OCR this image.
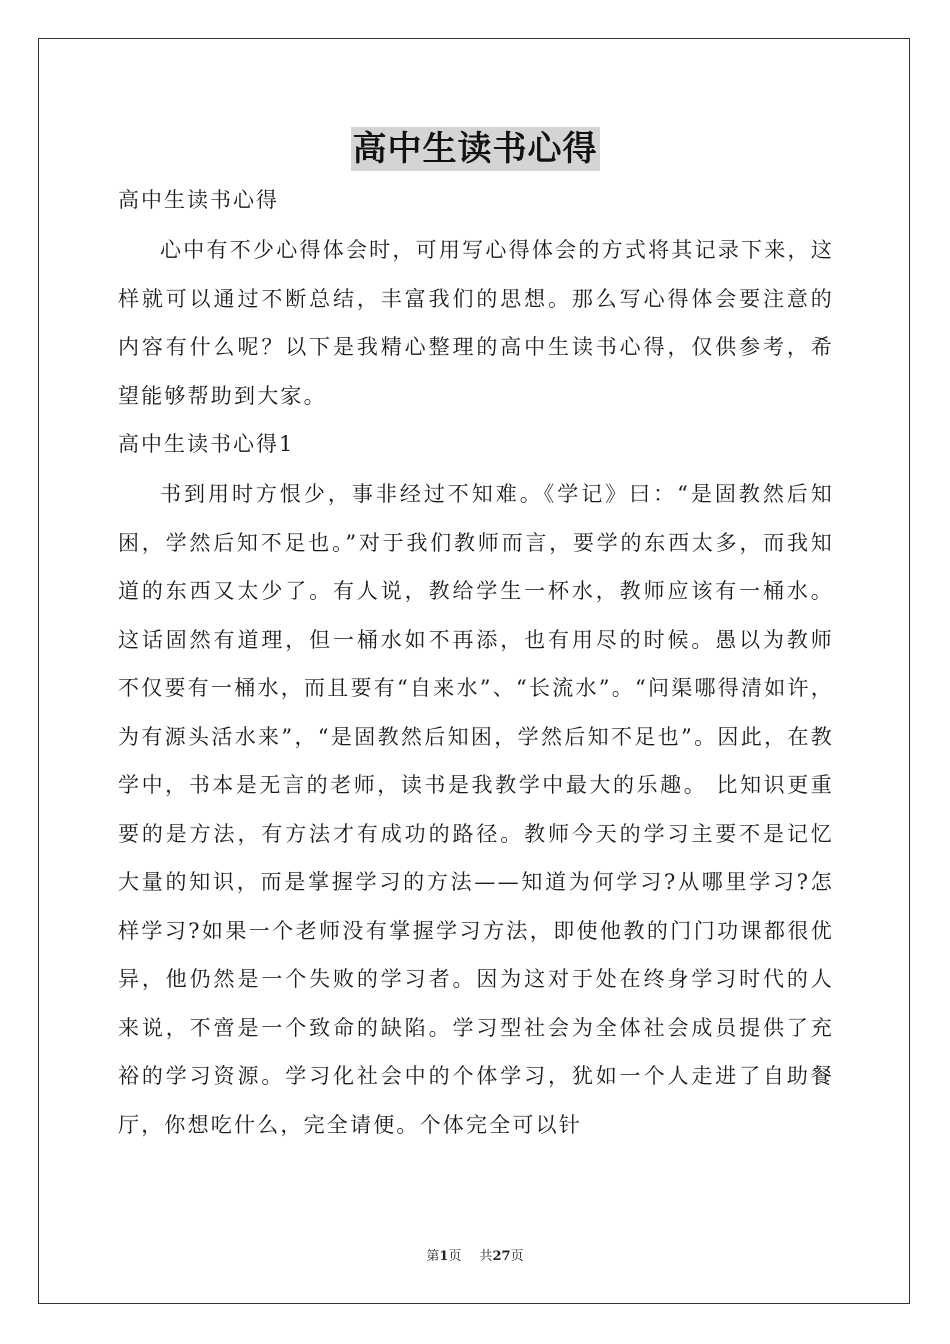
高中生读书心得

高中生读书心得

心中有不少心得体会时，可用写心得体会的方式将其记录下来，这样就可以通过不断总结，丰富我们的思想。那么写心得体会要注意的内容有什么呢？以下是我精心整理的高中生读书心得，仅供参考，希望能够帮助到大家。

高中生读书心得1

书到用时方恨少，事非经过不知难。《学记》曰：“是固教然后知困，学然后知不足也。”对于我们教师而言，要学的东西太多，而我知道的东西又太少了。有人说，教给学生一杯水，教师应该有一桶水。这话固然有道理，但一桶水如不再添，也有用尽的时候。愚以为教师不仅要有一桶水，而且要有“自来水”、“长流水”。“问渠哪得清如许，为有源头活水来”，“是固教然后知困，学然后知不足也”。因此，在教学中，书本是无言的老师，读书是我教学中最大的乐趣。 比知识更重要的是方法，有方法才有成功的路径。教师今天的学习主要不是记忆大量的知识，而是掌握学习的方法——知道为何学习?从哪里学习?怎样学习?如果一个老师没有掌握学习方法，即使他教的门门功课都很优异，他仍然是一个失败的学习者。因为这对于处在终身学习时代的人来说，不啻是一个致命的缺陷。学习型社会为全体社会成员提供了充裕的学习资源。学习化社会中的个体学习，犹如一个人走进了自助餐厅，你想吃什么，完全请便。个体完全可以针

第1页 共27页
